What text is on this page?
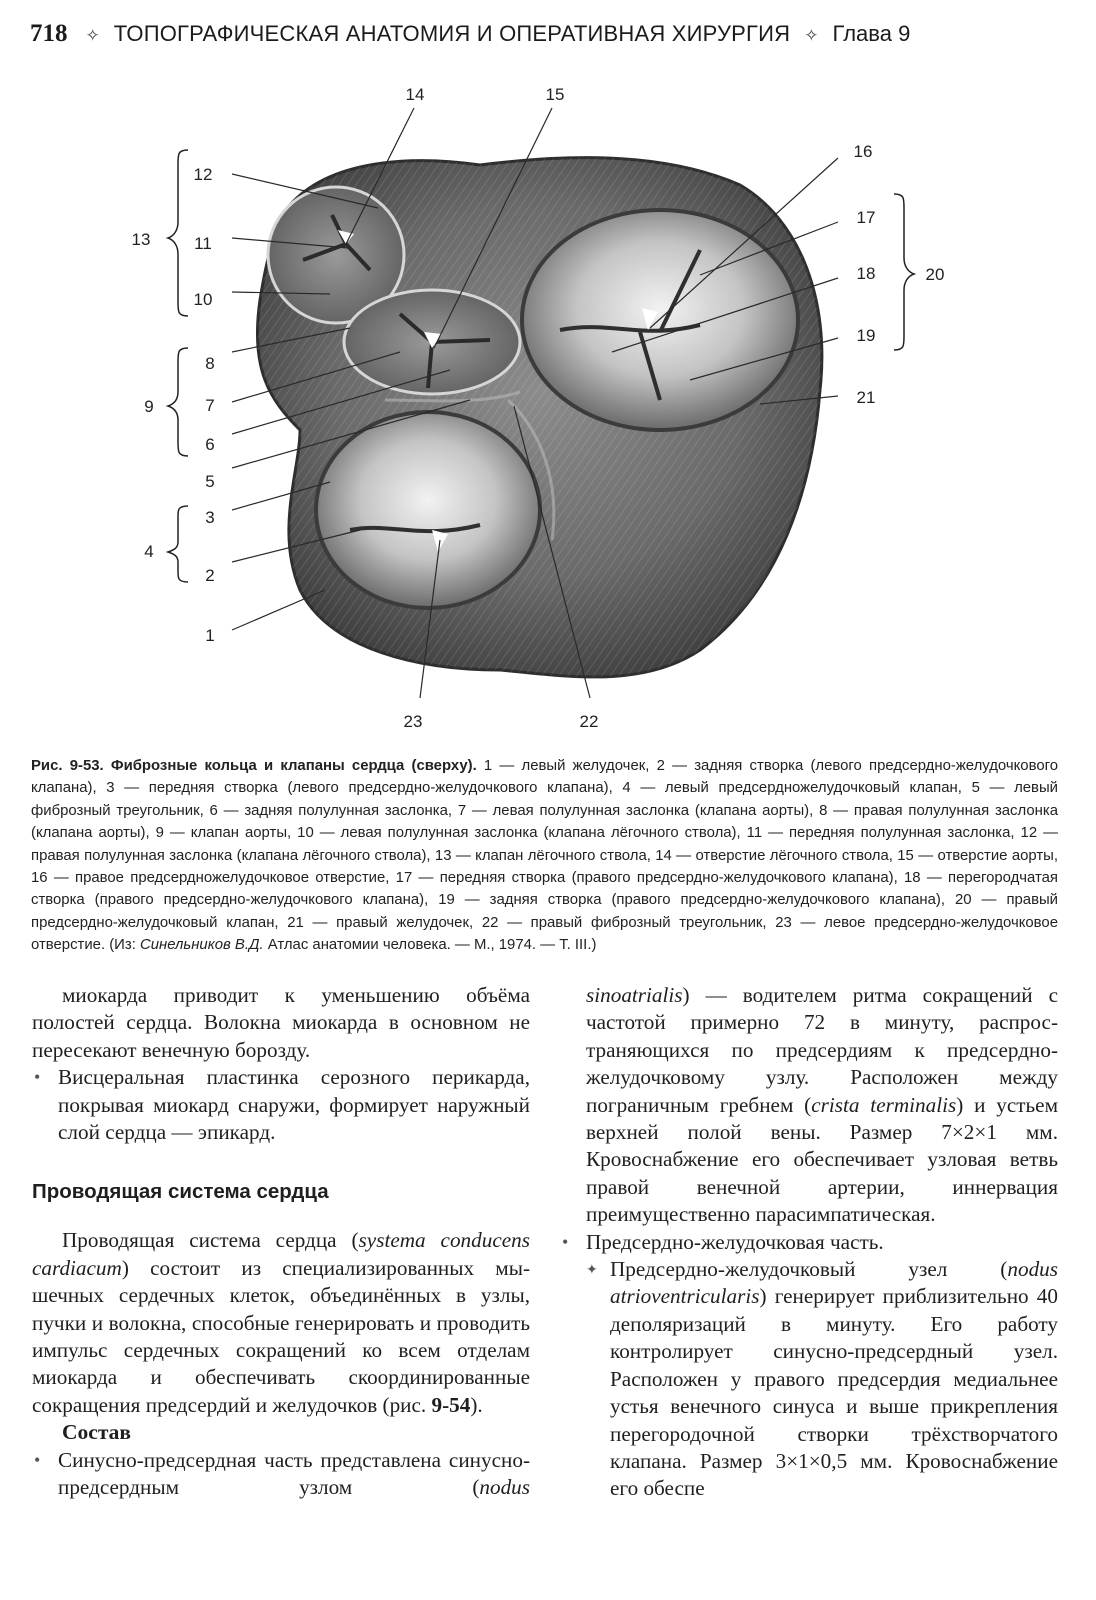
718 ✧ ТОПОГРАФИЧЕСКАЯ АНАТОМИЯ И ОПЕРАТИВНАЯ ХИРУРГИЯ ✧ Глава 9
1
2
3
4
5
6
7
8
9
10
11
12
13
14	15
16
17
18
19
20
21
22
23
Рис. 9-53. Фиброзные кольца и клапаны сердца (сверху). 1 — левый желудочек, 2 — задняя створка (левого предсердно-желудочкового клапана), 3 — передняя створка (левого предсердно-желудочкового клапана), 4 — левый предсердножелудочковый клапан, 5 — левый фиброзный треугольник, 6 — задняя полулунная заслонка, 7 — левая полулунная заслонка (клапана аорты), 8 — правая полулунная заслонка (клапана аорты), 9 — клапан аорты, 10 — левая полулунная заслонка (клапана лёгочного ствола), 11 — передняя полулунная заслонка, 12 — правая полулунная заслонка (клапана лёгочного ствола), 13 — клапан лёгочного ствола, 14 — отверстие лёгочного ствола, 15 — отверстие аорты, 16 — правое предсердножелудочковое отверстие, 17 — передняя створка (правого предсердно-желудочкового клапана), 18 — перегородчатая створка (правого предсердно-желудочкового клапана), 19 — задняя створка (правого предсердно-желудочкового клапана), 20 — правый предсердно-желудочковый клапан, 21 — правый желудочек, 22 — правый фиброзный треугольник, 23 — левое предсердно-желудочковое отверстие. (Из: Синельников В.Д. Атлас анатомии человека. — М., 1974. — Т. III.)

миокарда приводит к уменьшению объёма полостей сердца. Волокна миокарда в основном не пересекают венечную борозду.

• Висцеральная пластинка серозного перикарда, покрывая миокард снаружи, формирует наружный слой сердца — эпикард.

Проводящая система сердца

Проводящая система сердца (systema conducens cardiacum) состоит из специализированных мышечных сердечных клеток, объединённых в узлы, пучки и волокна, способные генерировать и проводить импульс сердечных сокращений ко всем отделам миокарда и обеспечивать скоординированные сокращения предсердий и желудочков (рис. 9-54).

Состав

• Синусно-предсердная часть представлена синусно-предсердным узлом (nodus

sinoatrialis) — водителем ритма сокращений с частотой примерно 72 в минуту, распространяющихся по предсердиям к предсердно-желудочковому узлу. Расположен между пограничным гребнем (crista terminalis) и устьем верхней полой вены. Размер 7×2×1 мм. Кровоснабжение его обеспечивает узловая ветвь правой венечной артерии, иннервация преимущественно парасимпатическая.

• Предсердно-желудочковая часть.

✦ Предсердно-желудочковый узел (nodus atrioventricularis) генерирует приблизительно 40 деполяризаций в минуту. Его работу контролирует синусно-предсердный узел. Расположен у правого предсердия медиальнее устья венечного синуса и выше прикрепления перегородочной створки трёхстворчатого клапана. Размер 3×1×0,5 мм. Кровоснабжение его обеспе
